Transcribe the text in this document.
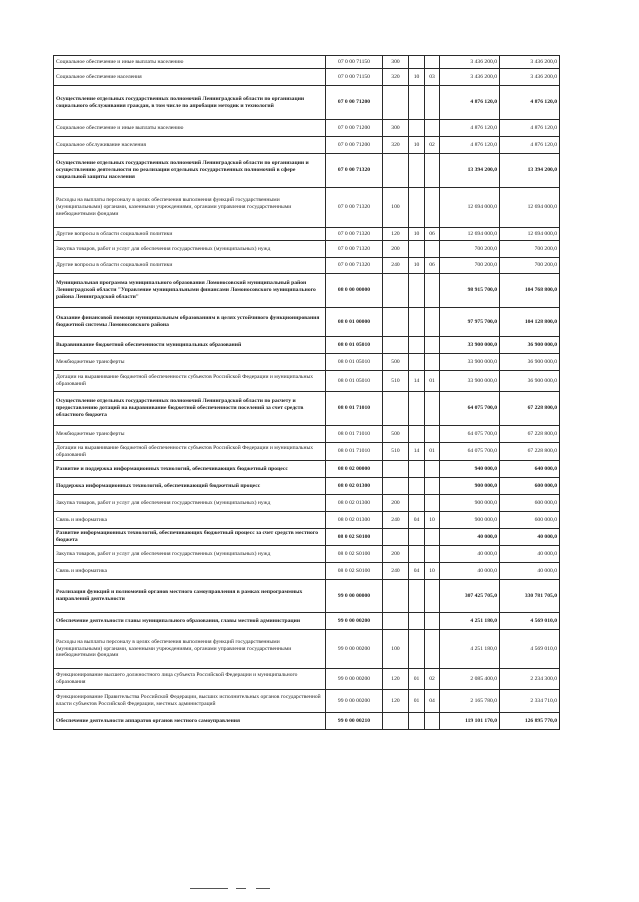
Социальное обеспечение и иные выплаты населению	07 0 00 71150	300			3 436 200,0	3 436 200,0
Социальное обеспечение населения	07 0 00 71150	320	10	03	3 436 200,0	3 436 200,0
Осуществление отдельных государственных полномочий Ленинградской области по организации социального обслуживания граждан, в том числе по апробации методик и технологий	07 0 00 71200				4 876 120,0	4 876 120,0
Социальное обеспечение и иные выплаты населению	07 0 00 71200	300			4 876 120,0	4 876 120,0
Социальное обслуживание населения	07 0 00 71200	320	10	02	4 876 120,0	4 876 120,0
Осуществление отдельных государственных полномочий Ленинградской области по организации и осуществлению деятельности по реализации отдельных государственных полномочий в сфере социальной защиты населения	07 0 00 71320				13 394 200,0	13 394 200,0
Расходы на выплаты персоналу в целях обеспечения выполнения функций государственными (муниципальными) органами, казенными учреждениями, органами управления государственными внебюджетными фондами	07 0 00 71320	100			12 694 000,0	12 694 000,0
Другие вопросы в области социальной политики	07 0 00 71320	120	10	06	12 694 000,0	12 694 000,0
Закупка товаров, работ и услуг для обеспечения государственных (муниципальных) нужд	07 0 00 71320	200			700 200,0	700 200,0
Другие вопросы в области социальной политики	07 0 00 71320	240	10	06	700 200,0	700 200,0
Муниципальная программа муниципального образования Ломоносовский муниципальный район Ленинградской области "Управление муниципальными финансами Ломоносовского муниципального района Ленинградской области"	08 0 00 00000				98 915 700,0	104 768 800,0
Оказание финансовой помощи муниципальным образованиям в целях устойчивого функционирования бюджетной системы Ломоносовского района	08 0 01 00000				97 975 700,0	104 128 800,0
Выравнивание бюджетной обеспеченности муниципальных образований	08 0 01 05010				33 900 000,0	36 900 000,0
Межбюджетные трансферты	08 0 01 05010	500			33 900 000,0	36 900 000,0
Дотации на выравнивание бюджетной обеспеченности субъектов Российской Федерации и муниципальных образований	08 0 01 05010	510	14	01	33 900 000,0	36 900 000,0
Осуществление отдельных государственных полномочий Ленинградской области по расчету и предоставлению дотаций на выравнивание бюджетной обеспеченности поселений за счет средств областного бюджета	08 0 01 71010				64 075 700,0	67 228 800,0
Межбюджетные трансферты	08 0 01 71010	500			64 075 700,0	67 228 800,0
Дотации на выравнивание бюджетной обеспеченности субъектов Российской Федерации и муниципальных образований	08 0 01 71010	510	14	01	64 075 700,0	67 228 800,0
Развитие и поддержка информационных технологий, обеспечивающих бюджетный процесс	08 0 02 00000				940 000,0	640 000,0
Поддержка информационных технологий, обеспечивающий бюджетный процесс	08 0 02 01300				900 000,0	600 000,0
Закупка товаров, работ и услуг для обеспечения государственных (муниципальных) нужд	08 0 02 01300	200			900 000,0	600 000,0
Связь и информатика	08 0 02 01300	240	04	10	900 000,0	600 000,0
Развитие информационных технологий, обеспечивающих бюджетный процесс за счет средств местного бюджета	08 0 02 S0100				40 000,0	40 000,0
Закупка товаров, работ и услуг для обеспечения государственных (муниципальных) нужд	08 0 02 S0100	200			40 000,0	40 000,0
Связь и информатика	08 0 02 S0100	240	04	10	40 000,0	40 000,0
Реализация функций и полномочий органов местного самоуправления в рамках непрограммных направлений деятельности	99 0 00 00000				307 425 705,0	330 781 705,0
Обеспечение деятельности главы муниципального образования, главы местной администрации	99 0 00 00200				4 251 180,0	4 569 010,0
Расходы на выплаты персоналу в целях обеспечения выполнения функций государственными (муниципальными) органами, казенными учреждениями, органами управления государственными внебюджетными фондами	99 0 00 00200	100			4 251 180,0	4 569 010,0
Функционирование высшего должностного лица субъекта Российской Федерации и муниципального образования	99 0 00 00200	120	01	02	2 085 400,0	2 234 300,0
Функционирование Правительства Российской Федерации, высших исполнительных органов государственной власти субъектов Российской Федерации, местных администраций	99 0 00 00200	120	01	04	2 165 780,0	2 334 710,0
Обеспечение деятельности аппаратов органов местного самоуправления	99 0 00 00210				119 101 170,0	126 895 770,0
